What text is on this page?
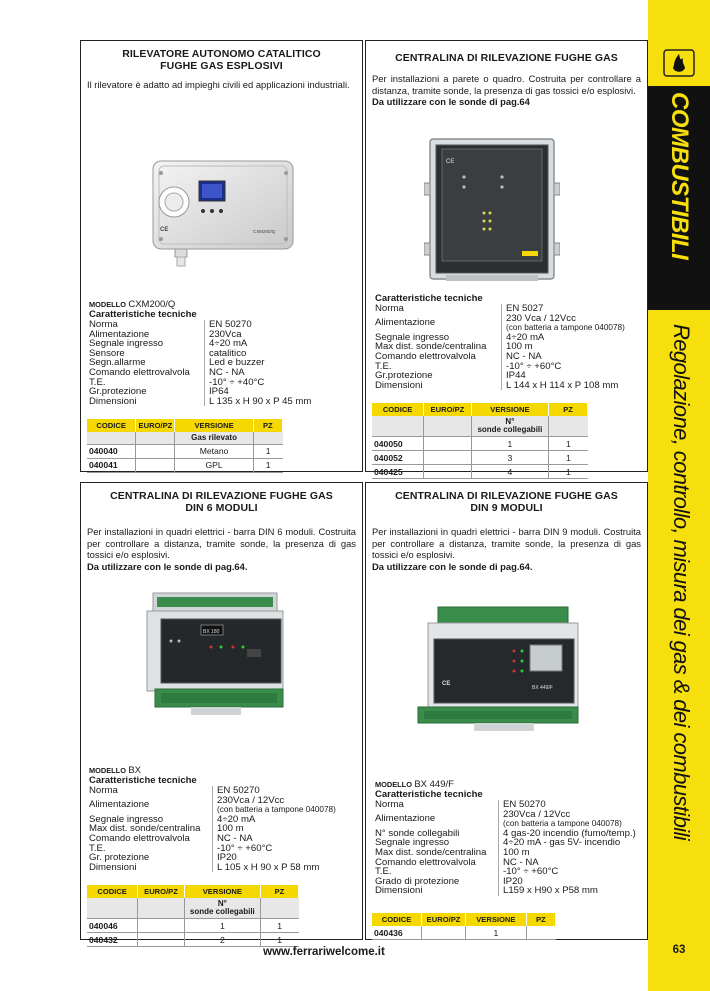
RILEVATORE AUTONOMO CATALITICO
FUGHE GAS ESPLOSIVI
Il rilevatore è adatto ad impieghi civili ed applicazioni industriali.
CE	CXM200/Q
MODELLO CXM200/Q
Caratteristiche tecniche
Norma	EN 50270
Alimentazione	230Vca
Segnale ingresso	4÷20 mA
Sensore	catalitico
Segn.allarme	Led e buzzer
Comando elettrovalvola	NC - NA
T.E.	-10° ÷ +40°C
Gr.protezione	IP64
Dimensioni	L 135 x H 90 x P 45 mm
CODICE	EURO/PZ	VERSIONE	PZ
		Gas rilevato	
040040		Metano	1
040041		GPL	1
CENTRALINA DI RILEVAZIONE FUGHE GAS
Per installazioni a parete o quadro. Costruita per controllare a distanza, tramite sonde, la presenza di gas tossici e/o esplosivi.
Da utilizzare con le sonde di pag.64
CE
Caratteristiche tecniche
Norma	EN 5027
Alimentazione	230 Vca / 12Vcc
(con batteria a tampone 040078)

Segnale ingresso	4÷20 mA
Max dist. sonde/centralina	100 m
Comando elettrovalvola	NC - NA
T.E.	-10° ÷ +60°C
Gr.protezione	IP44
Dimensioni	L 144 x H 114 x P 108 mm
CODICE	EURO/PZ	VERSIONE	PZ

		N°
sonde collegabili	

040050		1	1
040052		3	1
040425		4	1
CENTRALINA DI RILEVAZIONE FUGHE GAS
DIN 6 MODULI
Per installazioni in quadri elettrici - barra DIN 6 moduli. Costruita per controllare a distanza, tramite sonde, la presenza di gas tossici e/o esplosivi.
Da utilizzare con le sonde di pag.64.
BX 180
MODELLO BX
Caratteristiche tecniche
Norma	EN 50270
Alimentazione	230Vca / 12Vcc
(con batteria a tampone 040078)

Segnale ingresso	4÷20 mA
Max dist. sonde/centralina	100 m
Comando elettrovalvola	NC - NA
T.E.	-10° ÷ +60°C
Gr. protezione	IP20
Dimensioni	L 105 x H 90 x P 58 mm
CODICE	EURO/PZ	VERSIONE	PZ

		N°
sonde collegabili	

040046		1	1
040432		2	1
CENTRALINA DI RILEVAZIONE FUGHE GAS
DIN 9 MODULI
Per installazioni in quadri elettrici - barra DIN 9 moduli. Costruita per controllare a distanza, tramite sonde, la presenza di gas tossici e/o esplosivi.
Da utilizzare con le sonde di pag.64.
CE
BX 449/F
MODELLO BX 449/F
Caratteristiche tecniche
Norma	EN 50270
Alimentazione	230Vca / 12Vcc
(con batteria a tampone 040078)

N° sonde collegabili	4 gas-20 incendio (fumo/temp.)
Segnale ingresso	4÷20 mA - gas 5V- incendio
Max dist. sonde/centralina	100 m
Comando elettrovalvola	NC - NA
T.E.	-10° ÷ +60°C
Grado di protezione	IP20
Dimensioni	L159 x H90 x P58 mm
CODICE	EURO/PZ	VERSIONE	PZ
040436		1	
COMBUSTIBILI
Regolazione, controllo, misura dei gas & dei combustibili
www.ferrariwelcome.it	63
